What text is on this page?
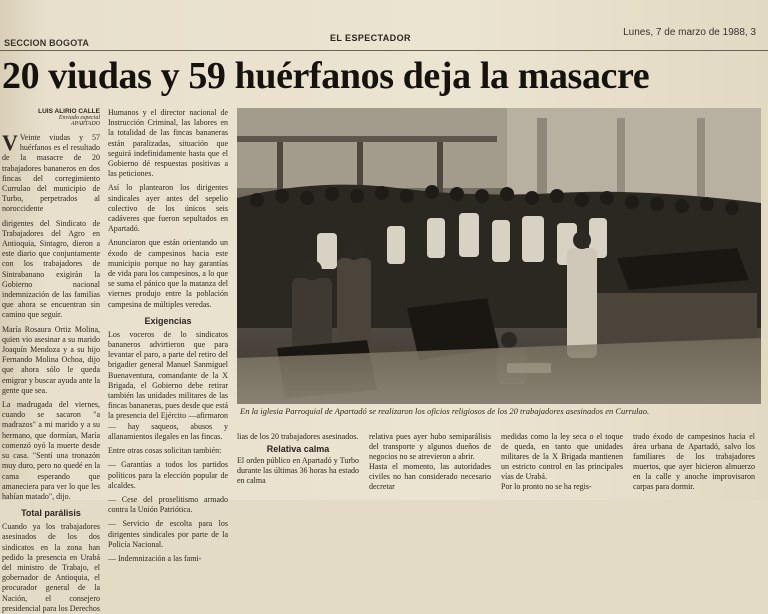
SECCION BOGOTA	EL ESPECTADOR	Lunes, 7 de marzo de 1988, 3
20 viudas y 59 huérfanos deja la masacre
LUIS ALIRIO CALLE
Enviado especial
APARTADO

V Veinte viudas y 57 huérfanos es el resultado de la masacre de 20 trabajadores bananeros en dos fincas del corregimiento Currulao del municipio de Turbo, perpetrados al noroccidente

dirigentes del Sindicato de Trabajadores del Agro en Antioquia, Sintagro, dieron a este diario que conjuntamente con los trabajadores de Sintrabanano exigirán la Gobierno nacional indemnización de las familias que ahora se encuentran sin camino que seguir.

María Rosaura Ortiz Molina, quien vio asesinar a su marido Joaquín Mendoza y a su hijo Fernando Molina Ochoa, dijo que ahora sólo le queda emigrar y buscar ayuda ante la gente que sea.

La madrugada del viernes, cuando se sacaron "a madrazos" a mi marido y a su hermano, que dormían, María comenzó oyó la muerte desde su casa. "Sentí una tronazón muy duro, pero no quedé en la cama esperando que amaneciera para ver lo que les habían matado", dijo.

Total parálisis

Cuando ya los trabajadores asesinados de los dos sindicatos en la zona han pedido la presencia en Urabá del ministro de Trabajo, el gobernador de Antioquia, el procurador general de la Nación, el consejero presidencial para los Derechos

Humanos y el director nacional de Instrucción Criminal, las labores en la totalidad de las fincas bananeras están paralizadas, situación que seguirá indefinidamente hasta que el Gobierno dé respuestas positivas a las peticiones.

Así lo plantearon los dirigentes sindicales ayer antes del sepelio colectivo de los únicos seis cadáveres que fueron sepultados en Apartadó.

Anunciaron que están orientando un éxodo de campesinos hacia este municipio porque no hay garantías de vida para los campesinos, a lo que se suma el pánico que la matanza del viernes produjo entre la población campesina de múltiples veredas.

Exigencias

Los voceros de lo sindicatos bananeros advirtieron que para levantar el paro, a parte del retiro del brigadier general Manuel Sanmiguel Buenaventura, comandante de la X Brigada, el Gobierno debe retirar también las unidades militares de las fincas bananeras, pues desde que está la presencia del Ejército —afirmaron— hay saqueos, abusos y allanamientos ilegales en las fincas.

Entre otras cosas solicitan también:

— Garantías a todos los partidos políticos para la elección popular de alcaldes.

— Cese del proselitismo armado contra la Unión Patriótica.

— Servicio de escolta para los dirigentes sindicales por parte de la Policía Nacional.

— Indemnización a las fami-

En la iglesia Parroquial de Apartadó se realizaron los oficios religiosos de los 20 trabajadores asesinados en Currulao.
lias de los 20 trabajadores asesinados.
Relativa calma
El orden público en Apartadó y Turbo durante las últimas 36 horas ha estado en calma
relativa pues ayer hubo semiparálisis del transporte y algunos dueños de negocios no se atrevieron a abrir.
Hasta el momento, las autoridades civiles no han considerado necesario decretar
medidas como la ley seca o el toque de queda, en tanto que unidades militares de la X Brigada mantienen un estricto control en las principales vías de Urabá.
Por lo pronto no se ha regis-
trado éxodo de campesinos hacia el área urbana de Apartadó, salvo los familiares de los trabajadores muertos, que ayer hicieron almuerzo en la calle y anoche improvisaron carpas para dormir.
